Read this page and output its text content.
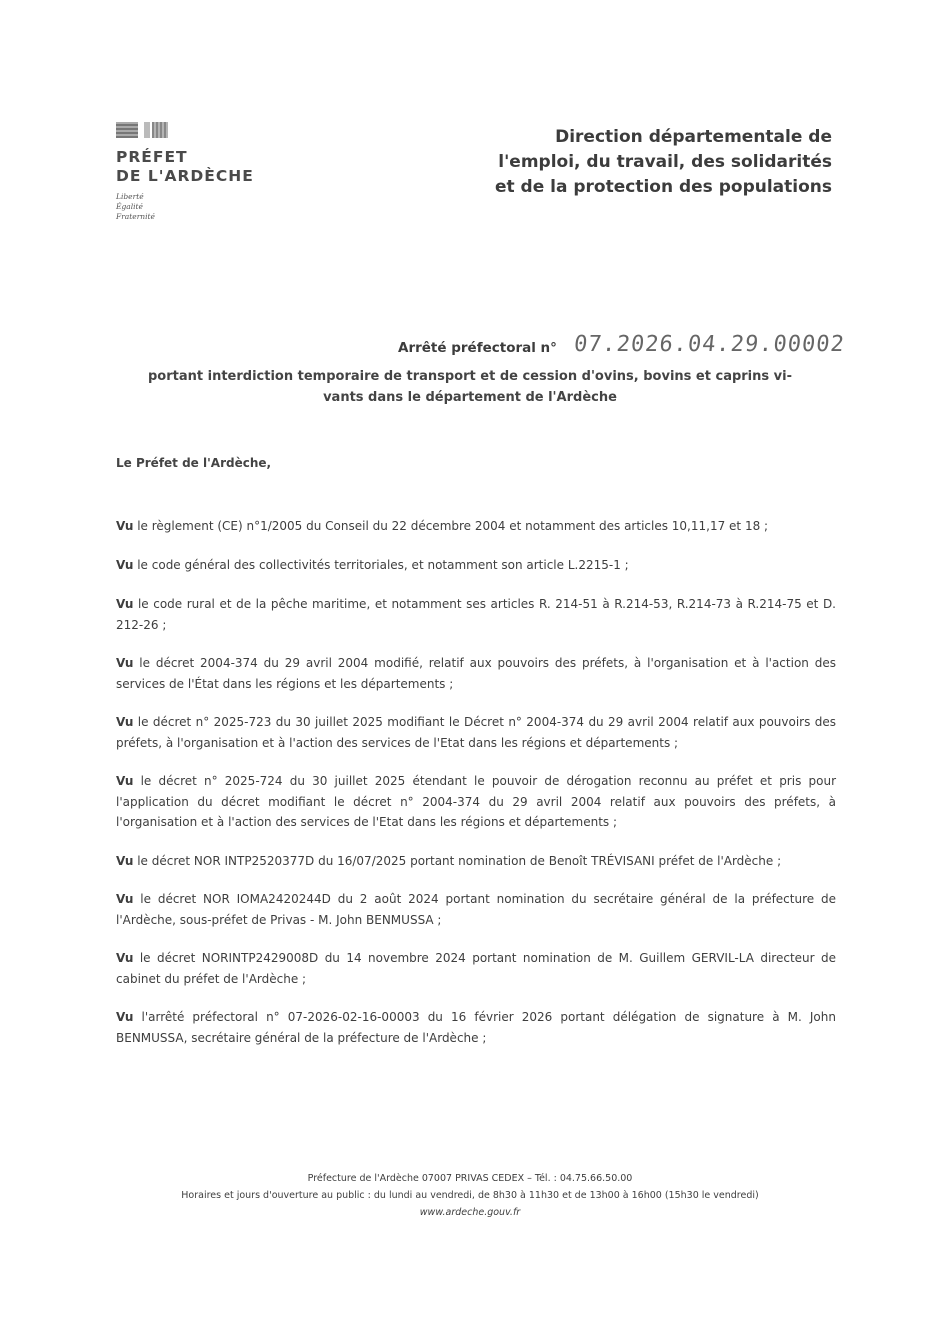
PRÉFET
DE L'ARDÈCHE
Liberté
Égalité
Fraternité
Direction départementale de
l'emploi, du travail, des solidarités
et de la protection des populations
Arrêté préfectoral n° 07.2026.04.29.00002
portant interdiction temporaire de transport et de cession d'ovins, bovins et caprins vi-
vants dans le département de l'Ardèche
Le Préfet de l'Ardèche,

Vu le règlement (CE) n°1/2005 du Conseil du 22 décembre 2004 et notamment des articles 10,11,17 et 18 ;

Vu le code général des collectivités territoriales, et notamment son article L.2215-1 ;

Vu le code rural et de la pêche maritime, et notamment ses articles R. 214-51 à R.214-53, R.214-73 à R.214-75 et D. 212-26 ;

Vu le décret 2004-374 du 29 avril 2004 modifié, relatif aux pouvoirs des préfets, à l'organisation et à l'action des services de l'État dans les régions et les départements ;

Vu le décret n° 2025-723 du 30 juillet 2025 modifiant le Décret n° 2004-374 du 29 avril 2004 relatif aux pouvoirs des préfets, à l'organisation et à l'action des services de l'Etat dans les régions et départements ;

Vu le décret n° 2025-724 du 30 juillet 2025 étendant le pouvoir de dérogation reconnu au préfet et pris pour l'application du décret modifiant le décret n° 2004-374 du 29 avril 2004 relatif aux pouvoirs des préfets, à l'organisation et à l'action des services de l'Etat dans les régions et départements ;

Vu le décret NOR INTP2520377D du 16/07/2025 portant nomination de Benoît TRÉVISANI préfet de l'Ardèche ;

Vu le décret NOR IOMA2420244D du 2 août 2024 portant nomination du secrétaire général de la préfecture de l'Ardèche, sous-préfet de Privas - M. John BENMUSSA ;

Vu le décret NORINTP2429008D du 14 novembre 2024 portant nomination de M. Guillem GERVIL-LA directeur de cabinet du préfet de l'Ardèche ;

Vu l'arrêté préfectoral n° 07-2026-02-16-00003 du 16 février 2026 portant délégation de signature à M. John BENMUSSA, secrétaire général de la préfecture de l'Ardèche ;

Préfecture de l'Ardèche 07007 PRIVAS CEDEX – Tél. : 04.75.66.50.00
Horaires et jours d'ouverture au public : du lundi au vendredi, de 8h30 à 11h30 et de 13h00 à 16h00 (15h30 le vendredi)
www.ardeche.gouv.fr
